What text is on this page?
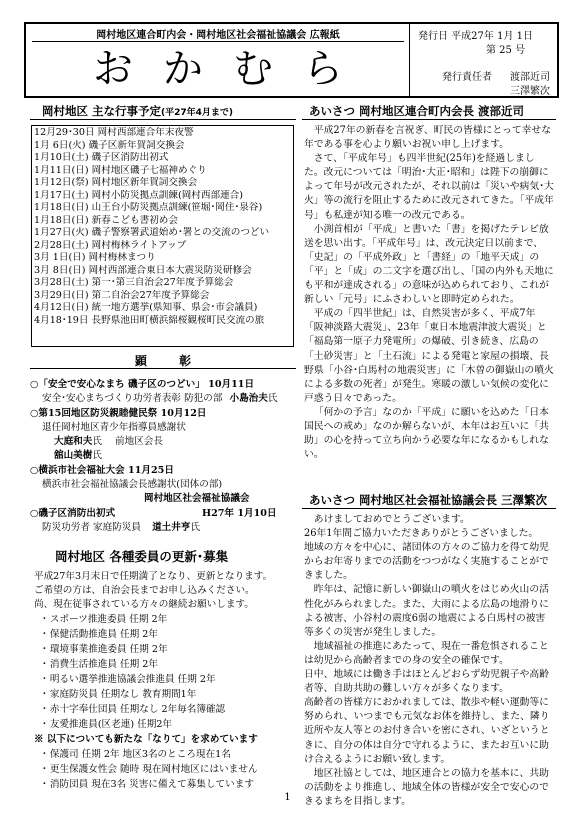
岡村地区連合町内会・岡村地区社会福祉協議会 広報紙
おかむら
発行日 平成27年 1月 1日
第 25 号
発行責任者 渡部近司
三澤繁次
岡村地区 主な行事予定(平27年4月まで)
12月29･30日 岡村西部連合年末夜警
1月 6日(火) 磯子区新年賀詞交換会
1月10日(土) 磯子区消防出初式
1月11日(日) 岡村地区磯子七福神めぐり
1月12日(祭) 岡村地区新年賀詞交換会
1月17日(土) 岡村小防災拠点訓練(岡村西部連合)
1月18日(日) 山王台小防災拠点訓練(笹堀･岡住･泉谷)
1月18日(日) 新春こども書初め会
1月27日(火) 磯子警察署武道始め･署との交流のつどい
2月28日(土) 岡村梅林ライトアップ
3月 1日(日) 岡村梅林まつり
3月 8日(日) 岡村西部連合東日本大震災防災研修会
3月28日(土) 第一･第三自治会27年度予算総会
3月29日(日) 第二自治会27年度予算総会
4月12日(日) 統一地方選挙(県知事、県会･市会議員)
4月18･19日 長野県池田町横浜綿桜観桜町民交流の旅
顕 彰
○「安全で安心なまち 磯子区のつどい」 10月11日
安全･安心まちづくり功労者表彰 防犯の部 小島治夫氏
○第15回地区防災親睦健民祭 10月12日
退任岡村地区青少年指導員感謝状
大庭和夫氏 前地区会長
舘山美樹氏
○横浜市社会福祉大会 11月25日
横浜市社会福祉協議会長感謝状(団体の部)
岡村地区社会福祉協議会
○磯子区消防出初式	H27年 1月10日
防災功労者 家庭防災員 道土井亨氏
岡村地区 各種委員の更新･募集
平成27年3月末日で任期満了となり、更新となります。
ご希望の方は、自治会長までお申し込みください。
尚、現在従事されている方々の継続お願いします。
･ スポーツ推進委員 任期 2年
･ 保健活動推進員 任期 2年
･ 環境事業推進委員 任期 2年
･ 消費生活推進員 任期 2年
･ 明るい選挙推進協議会推進員 任期 2年
･ 家庭防災員 任期なし 教育期間1年
･ 赤十字奉仕団員 任期なし 2年毎名簿確認
･ 友愛推進員(区老連) 任期2年
※ 以下についても新たな「なりて」を求めています
･ 保護司 任期 2年 地区3名のところ現在1名
･ 更生保護女性会 随時 現在岡村地区にはいません
･ 消防団員 現在3名 災害に備えて募集しています
あいさつ 岡村地区連合町内会長 渡部近司

平成27年の新春を言祝ぎ、町民の皆様にとって幸せな年である事を心より願いお祝い申し上げます。

さて、「平成年号」も四半世紀(25年)を経過しました。改元については「明治･大正･昭和」は陛下の崩御によって年号が改元されたが、それ以前は「災いや病気･大火」等の流行を阻止するために改元されてきた。「平成年号」も私達が知る唯一の改元である。

小渕首相が「平成」と書いた「書」を掲げたテレビ放送を思い出す。「平成年号」は、改元決定日以前まで、「史記」の「平成外政」と「書経」の「地平天成」の「平」と「成」の二文字を選び出し、「国の内外も天地にも平和が達成される」の意味が込められており、これが新しい「元号」にふさわしいと即時定められた。

平成の「四半世紀」は、自然災害が多く、平成7年「阪神淡路大震災」、23年「東日本地震津波大震災」と「福島第一原子力発電所」の爆破、引き続き、広島の「土砂災害」と「土石流」による発電と家屋の損壊、長野県「小谷･白馬村の地震災害」に「木曽の御嶽山の噴火による多数の死者」が発生。寒暖の激しい気候の変化に戸惑う日々であった。

「何かの予言」なのか「平成」に願いを込めた「日本国民への戒め」なのか解らないが、本年はお互いに「共助」の心を持って立ち向かう必要な年になるかもしれない。

あいさつ 岡村地区社会福祉協議会長 三澤繁次

あけましておめでとうございます。

26年1年間ご協力いただきありがとうございました。

地域の方々を中心に、諸団体の方々のご協力を得て幼児からお年寄りまでの活動をつつがなく実施することができました。

昨年は、記憶に新しい御嶽山の噴火をはじめ火山の活性化がみられました。また、大雨による広島の地滑りによる被害、小谷村の震度6弱の地震による白馬村の被害等多くの災害が発生しました。

地域福祉の推進にあたって、現在一番危惧されることは幼児から高齢者までの身の安全の確保です。

日中、地域には働き手はほとんどおらず幼児親子や高齢者等、自助共助の難しい方々が多くなります。

高齢者の皆様方におかれましては、散歩や軽い運動等に努められ、いつまでも元気なお体を維持し、また、隣り近所や友人等とのお付き合いを密にされ、いざというときに、自分の体は自分で守れるように、またお互いに助け合えるようにお願い致します。

地区社協としては、地区連合との協力を基本に、共助の活動をより推進し、地域全体の皆様が安全で安心のできるまちを目指します。

1
